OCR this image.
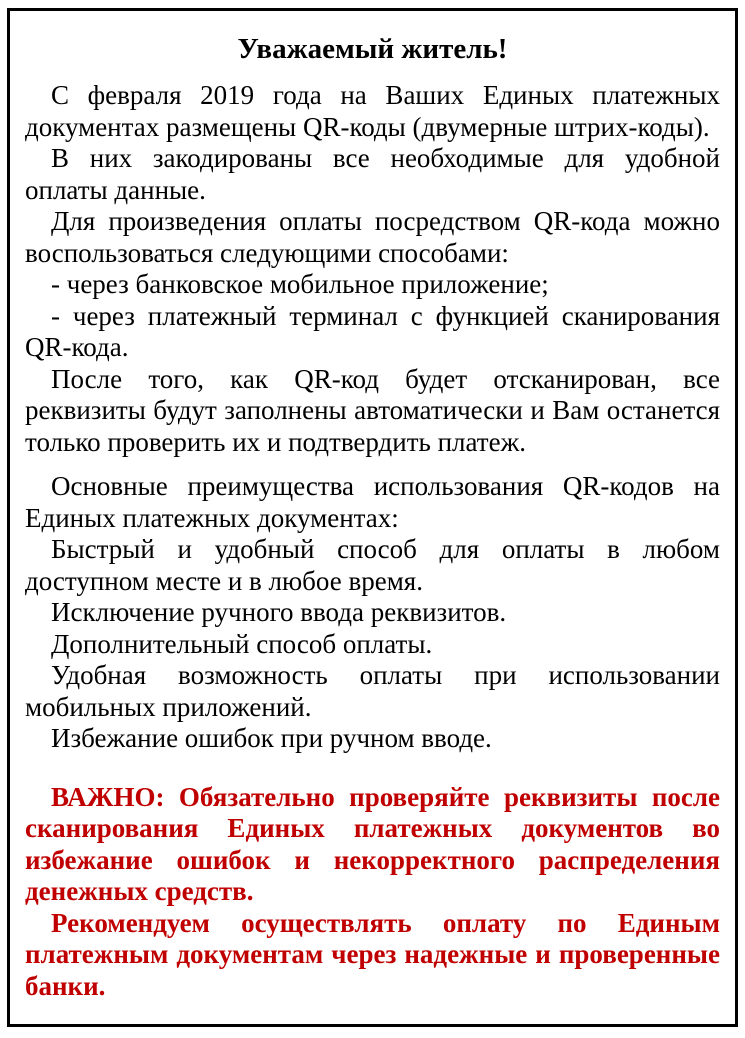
Уважаемый житель!

С февраля 2019 года на Ваших Единых платежных документах размещены QR-коды (двумерные штрих-коды).

В них закодированы все необходимые для удобной оплаты данные.

Для произведения оплаты посредством QR-кода можно воспользоваться следующими способами:

- через банковское мобильное приложение;

- через платежный терминал с функцией сканирования QR-кода.

После того, как QR-код будет отсканирован, все реквизиты будут заполнены автоматически и Вам останется только проверить их и подтвердить платеж.

Основные преимущества использования QR-кодов на Единых платежных документах:

Быстрый и удобный способ для оплаты в любом доступном месте и в любое время.

Исключение ручного ввода реквизитов.

Дополнительный способ оплаты.

Удобная возможность оплаты при использовании мобильных приложений.

Избежание ошибок при ручном вводе.

ВАЖНО: Обязательно проверяйте реквизиты после сканирования Единых платежных документов во избежание ошибок и некорректного распределения денежных средств.

Рекомендуем осуществлять оплату по Единым платежным документам через надежные и проверенные банки.
